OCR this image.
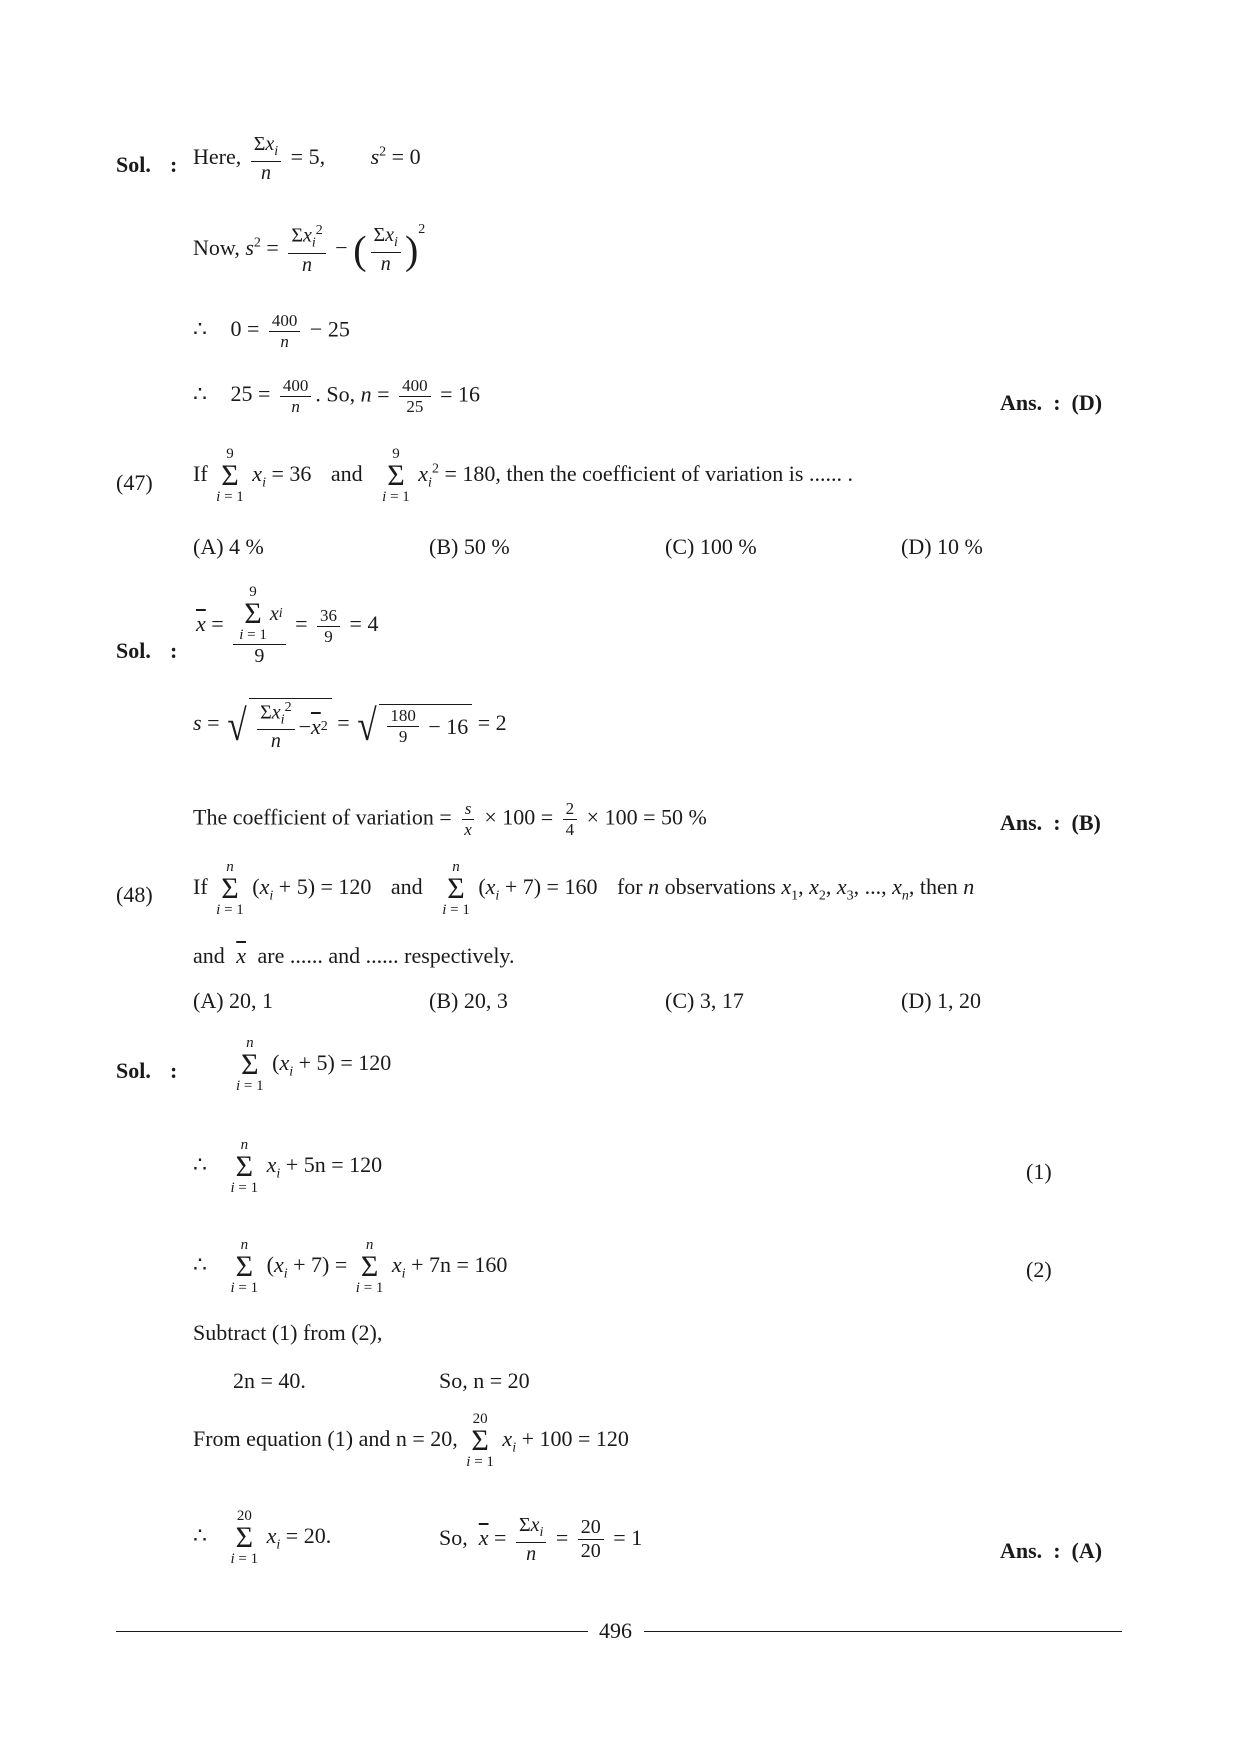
Sol. : Here, $\frac{\Sigma x_i}{n} = 5$, $s^2 = 0$
Now, $s^2 = \frac{\Sigma x_i^2}{n}$ − ( $\frac{\Sigma x_i}{n} )^2$
∴ $0 = \frac{400}{n} - 25$
∴ $25 = \frac{400}{n}$ . So, $n = \frac{400}{25} = 16$	Ans. : (D)
(47) If
9
Σ
i = 1
$x_i = 36$ and
9
Σ
i = 1
$x_i^2 = 180$, then the coefficient of variation is ...... .
(A) 4 %	(B) 50 %	(C) 100 %	(D) 10 %
Sol. :
$\overline{x} = 9$
Σ
i = 1
x i
$9 = \frac{36}{9} = 4$
s = √ $\frac{\Sigma x_i^2}{n} - \overline{x}$ 2 = √ $\frac{180}{9}$
− 16 = 2
The coefficient of variation = $\frac{s}{x} \times 100 = \frac{2}{4} \times 100 = 50$ %	Ans. : (B)
(48) If
n
Σ
i = 1
$(x_i + 5) = 120$ and
n
Σ
i = 1
$(x_i + 7) = 160$ for n observations $x_1$, $x_2$, $x_3$, ..., $x_n$, then n
and $\overline{x}$ are ...... and ...... respectively.
(A) 20, 1	(B) 20, 3	(C) 3, 17	(D) 1, 20
Sol. :
n
Σ
i = 1
$(x_i + 5) = 120$
∴
n
Σ
i = 1
$x_i + 5n = 120$	(1)
∴
n
Σ
i = 1
$(x_i + 7)$ =
n
Σ
i = 1
$x_i + 7n = 160$	(2)
Subtract (1) from (2),
2n = 40.	So, n = 20
From equation (1) and n = 20,
20
Σ
i = 1
$x_i + 100 = 120$
∴
20
Σ
i = 1
$x_i = 20$.	So, $\overline{x} = \frac{\Sigma x_i}{n} = \frac{20}{20} = 1$
Ans. : (A)
496
